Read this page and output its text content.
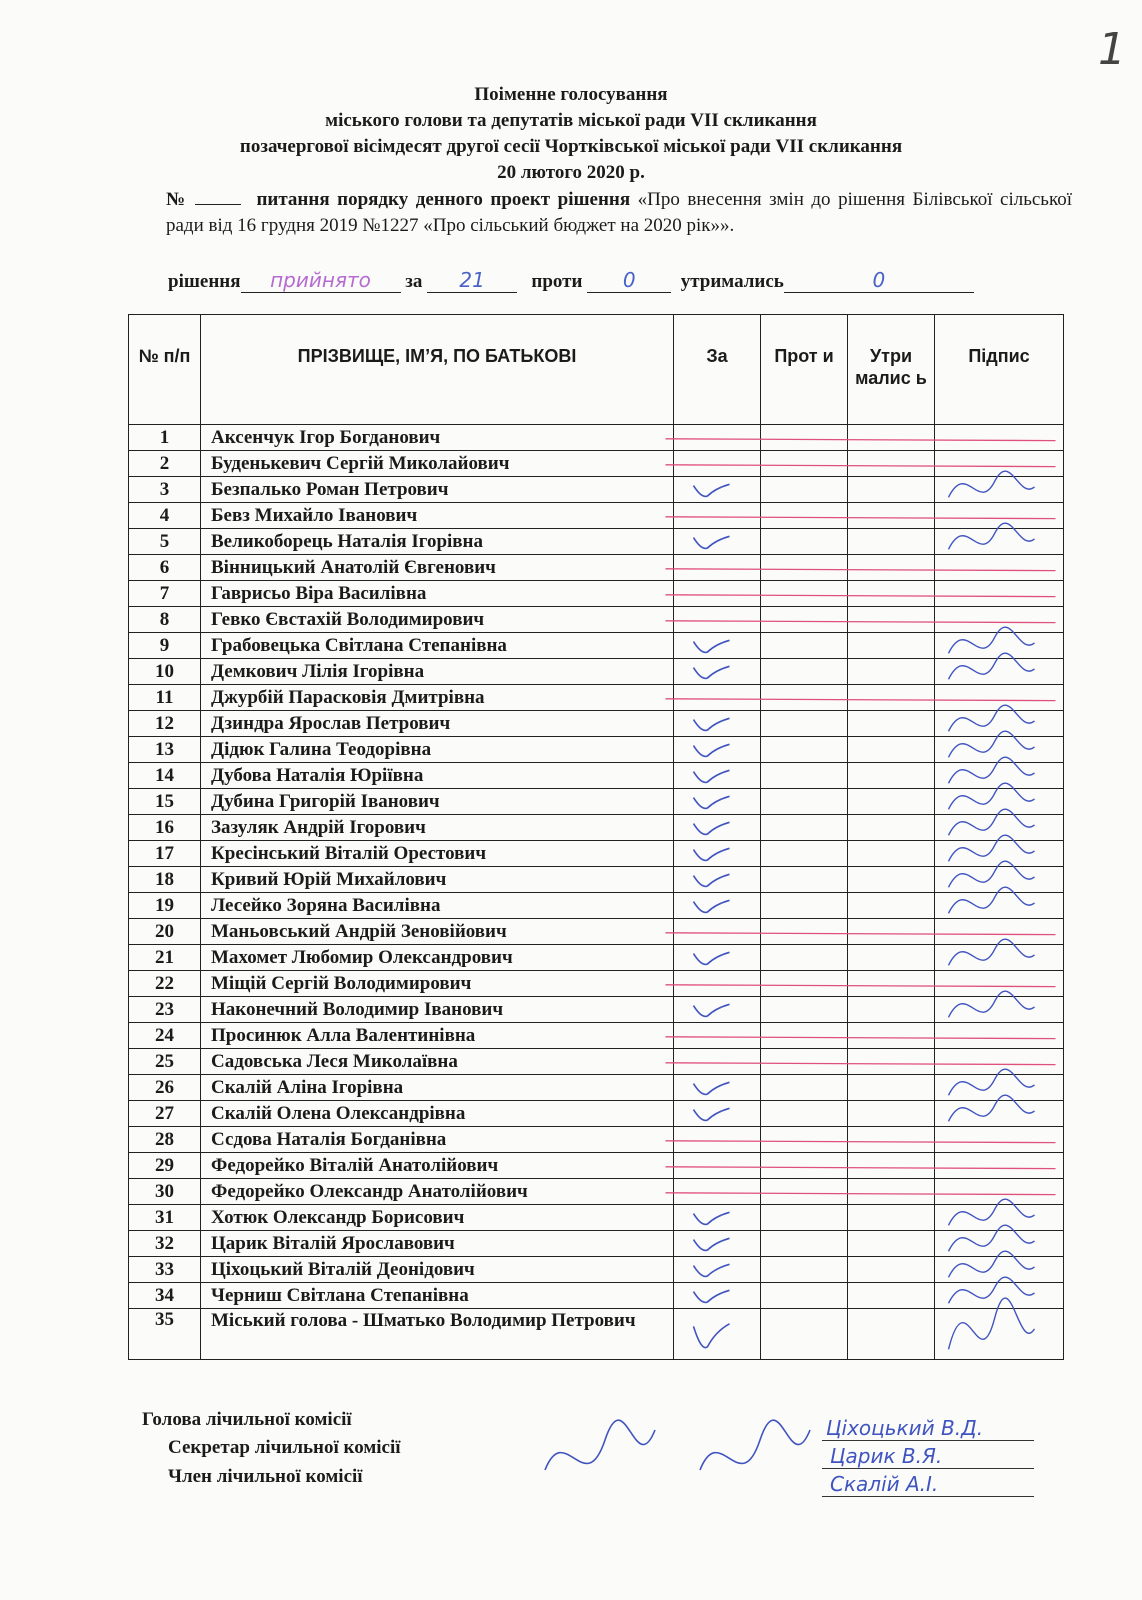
1
Поіменне голосування
міського голови та депутатів міської ради VII скликання
позачергової вісімдесят другої сесії Чортківської міської ради VII скликання
20 лютого 2020 р.
№	питання порядку денного проект рішення «Про внесення змін до рішення Білівської сільської ради від 16 грудня 2019 №1227 «Про сільський бюджет на 2020 рік»».
рішення прийнято за 21 проти 0 утримались	0
№ п/п	ПРІЗВИЩЕ, ІМ’Я, ПО БАТЬКОВІ	За	Прот и	Утри малис ь	Підпис
1	Аксенчук Ігор Богданович				
2	Буденькевич Сергій Миколайович				
3	Безпалько Роман Петрович				
4	Бевз Михайло Іванович				
5	Великоборець Наталія Ігорівна				
6	Вінницький Анатолій Євгенович				
7	Гаврисьо Віра Василівна				
8	Гевко Євстахій Володимирович				
9	Грабовецька Світлана Степанівна				
10	Демкович Лілія Ігорівна				
11	Джурбій Парасковія Дмитрівна				
12	Дзиндра Ярослав Петрович				
13	Дідюк Галина Теодорівна				
14	Дубова Наталія Юріївна				
15	Дубина Григорій Іванович				
16	Зазуляк Андрій Ігорович				
17	Кресінський Віталій Орестович				
18	Кривий Юрій Михайлович				
19	Лесейко Зоряна Василівна				
20	Маньовський Андрій Зеновійович				
21	Махомет Любомир Олександрович				
22	Міщій Сергій Володимирович				
23	Наконечний Володимир Іванович				
24	Просинюк Алла Валентинівна				
25	Садовська Леся Миколаївна				
26	Скалій Аліна Ігорівна				
27	Скалій Олена Олександрівна				
28	Ссдова Наталія Богданівна				
29	Федорейко Віталій Анатолійович				
30	Федорейко Олександр Анатолійович				
31	Хотюк Олександр Борисович				
32	Царик Віталій Ярославович				
33	Ціхоцький Віталій Деонідович				
34	Черниш Світлана Степанівна				
35	Міський голова - Шматько Володимир Петрович				
Голова лічильної комісії
Секретар лічильної комісії
Член лічильної комісії
Ціхоцький В.Д.
Царик В.Я.
Скалій А.І.
